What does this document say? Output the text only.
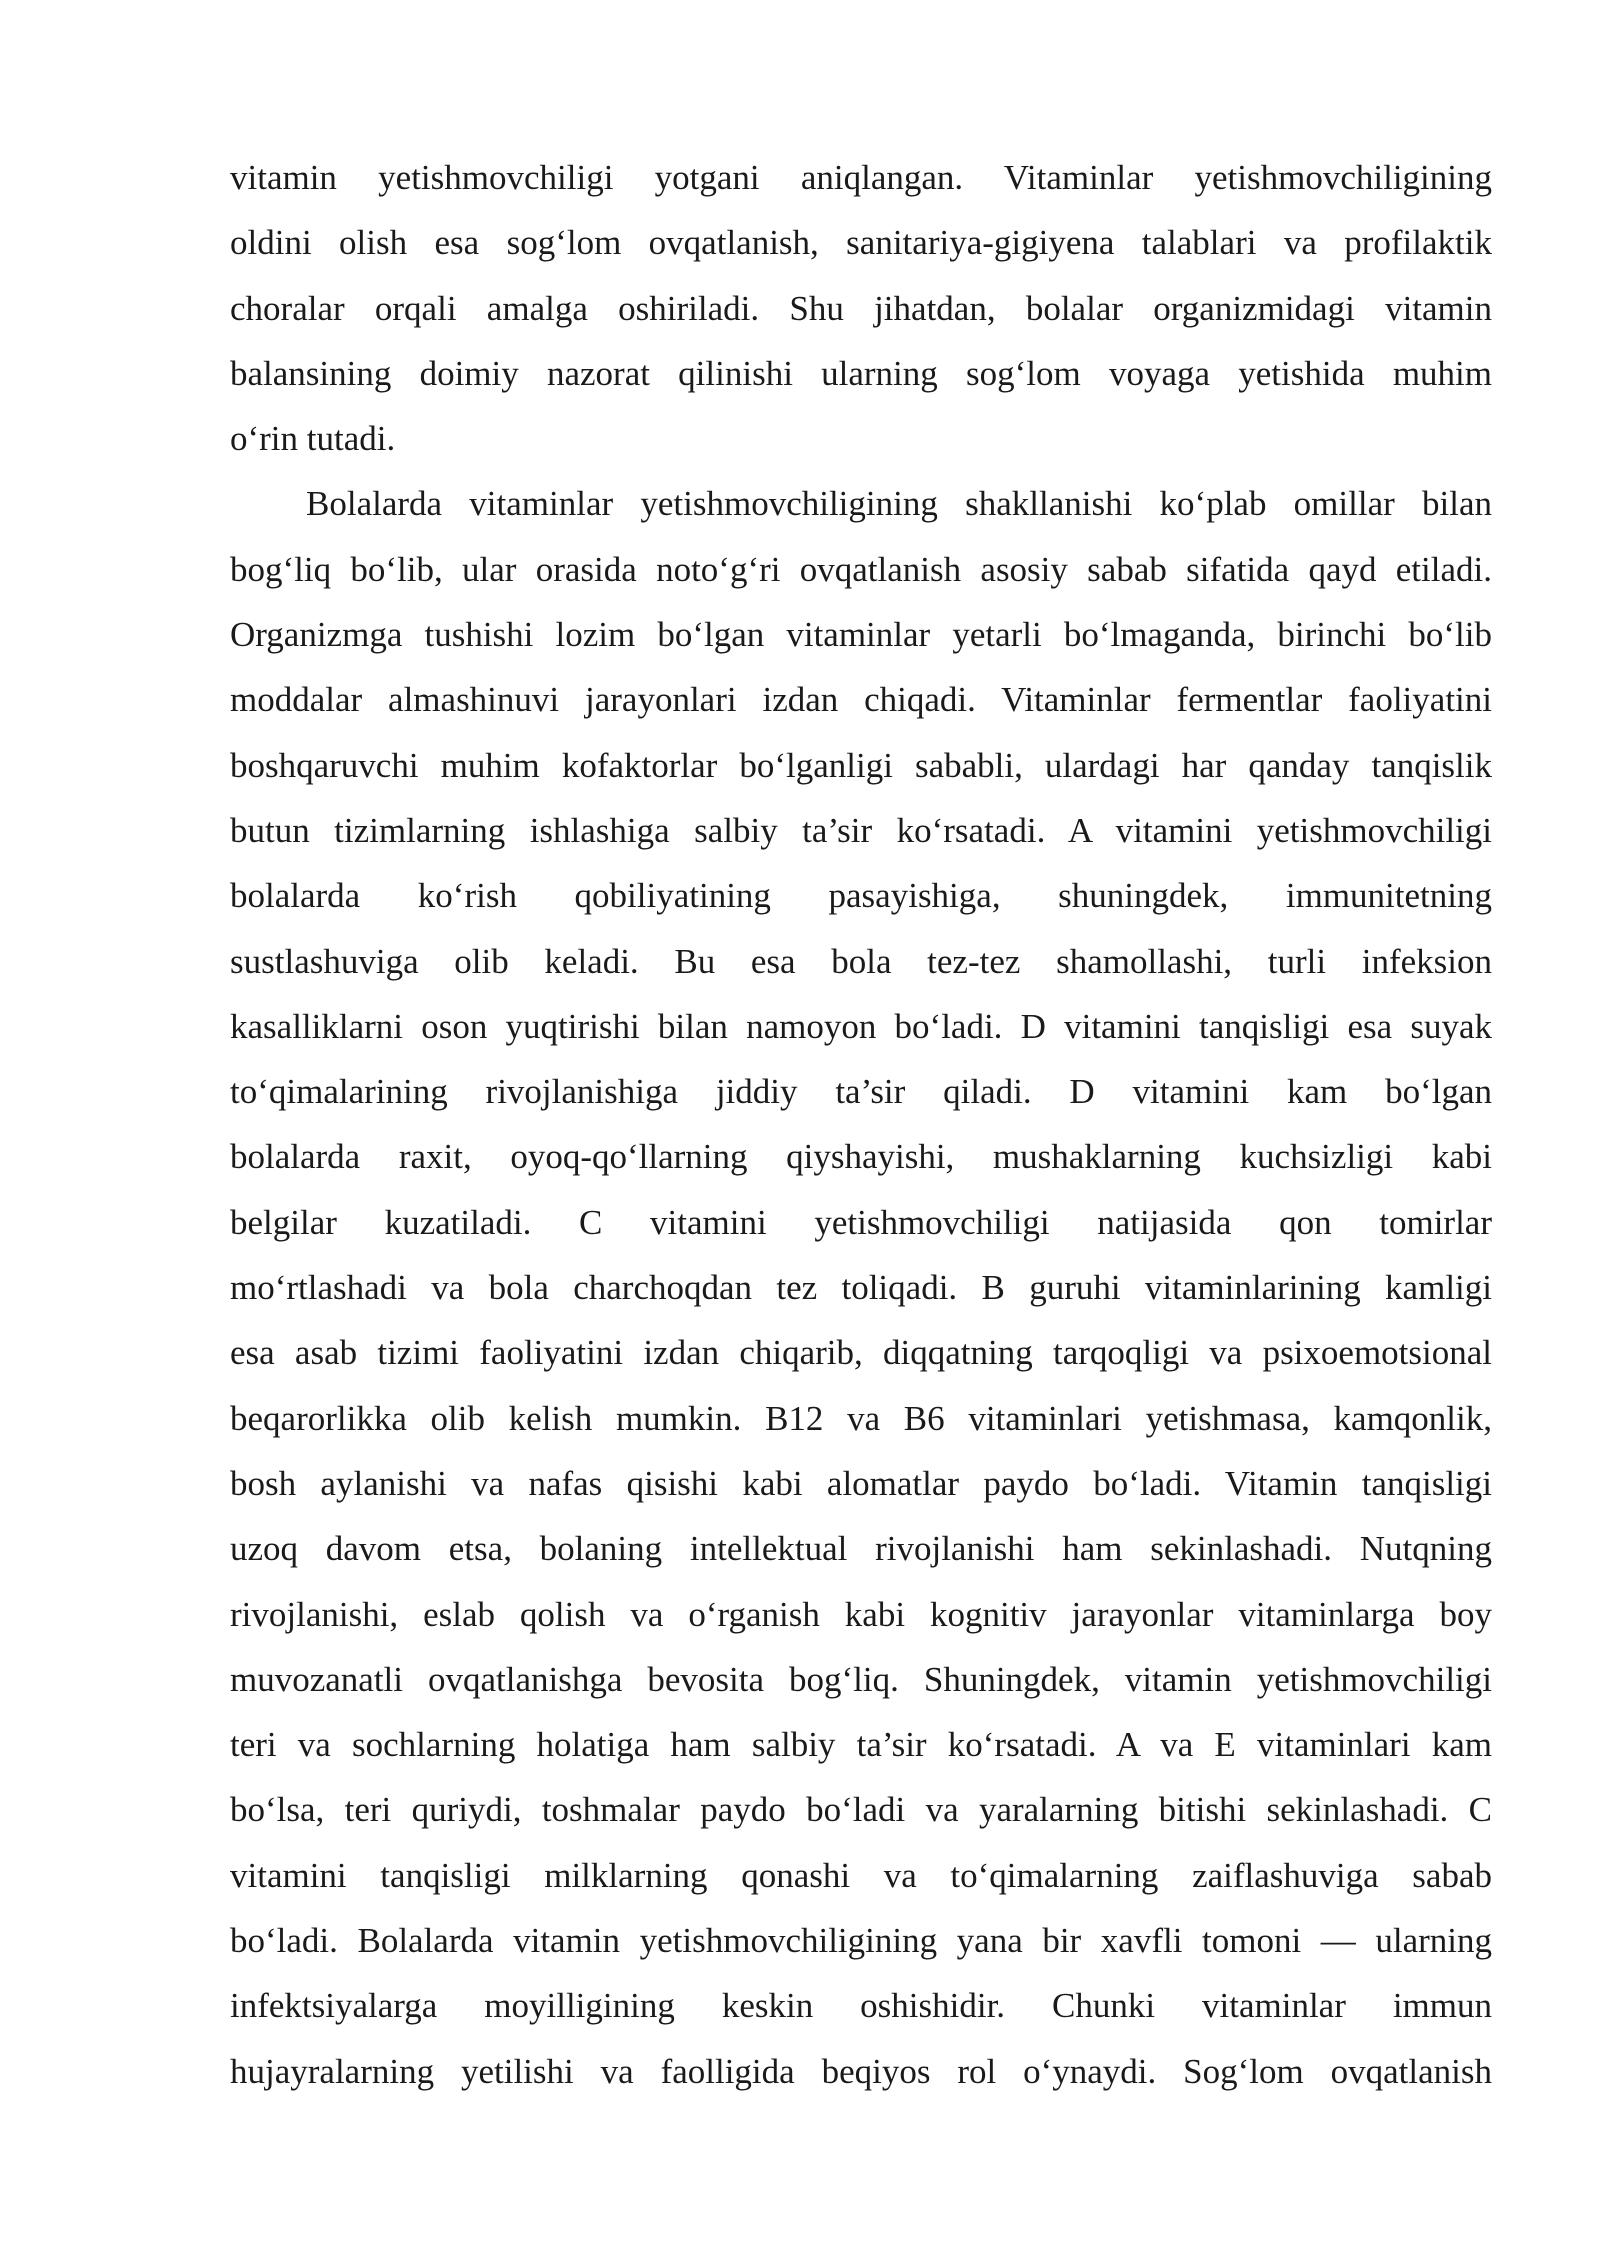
vitamin yetishmovchiligi yotgani aniqlangan. Vitaminlar yetishmovchiligining
oldini olish esa sog‘lom ovqatlanish, sanitariya-gigiyena talablari va profilaktik
choralar orqali amalga oshiriladi. Shu jihatdan, bolalar organizmidagi vitamin
balansining doimiy nazorat qilinishi ularning sog‘lom voyaga yetishida muhim
o‘rin tutadi.
Bolalarda vitaminlar yetishmovchiligining shakllanishi ko‘plab omillar bilan
bog‘liq bo‘lib, ular orasida noto‘g‘ri ovqatlanish asosiy sabab sifatida qayd etiladi.
Organizmga tushishi lozim bo‘lgan vitaminlar yetarli bo‘lmaganda, birinchi bo‘lib
moddalar almashinuvi jarayonlari izdan chiqadi. Vitaminlar fermentlar faoliyatini
boshqaruvchi muhim kofaktorlar bo‘lganligi sababli, ulardagi har qanday tanqislik
butun tizimlarning ishlashiga salbiy ta’sir ko‘rsatadi. A vitamini yetishmovchiligi
bolalarda ko‘rish qobiliyatining pasayishiga, shuningdek, immunitetning
sustlashuviga olib keladi. Bu esa bola tez-tez shamollashi, turli infeksion
kasalliklarni oson yuqtirishi bilan namoyon bo‘ladi. D vitamini tanqisligi esa suyak
to‘qimalarining rivojlanishiga jiddiy ta’sir qiladi. D vitamini kam bo‘lgan
bolalarda raxit, oyoq-qo‘llarning qiyshayishi, mushaklarning kuchsizligi kabi
belgilar kuzatiladi. C vitamini yetishmovchiligi natijasida qon tomirlar
mo‘rtlashadi va bola charchoqdan tez toliqadi. B guruhi vitaminlarining kamligi
esa asab tizimi faoliyatini izdan chiqarib, diqqatning tarqoqligi va psixoemotsional
beqarorlikka olib kelish mumkin. B12 va B6 vitaminlari yetishmasa, kamqonlik,
bosh aylanishi va nafas qisishi kabi alomatlar paydo bo‘ladi. Vitamin tanqisligi
uzoq davom etsa, bolaning intellektual rivojlanishi ham sekinlashadi. Nutqning
rivojlanishi, eslab qolish va o‘rganish kabi kognitiv jarayonlar vitaminlarga boy
muvozanatli ovqatlanishga bevosita bog‘liq. Shuningdek, vitamin yetishmovchiligi
teri va sochlarning holatiga ham salbiy ta’sir ko‘rsatadi. A va E vitaminlari kam
bo‘lsa, teri quriydi, toshmalar paydo bo‘ladi va yaralarning bitishi sekinlashadi. C
vitamini tanqisligi milklarning qonashi va to‘qimalarning zaiflashuviga sabab
bo‘ladi. Bolalarda vitamin yetishmovchiligining yana bir xavfli tomoni — ularning
infektsiyalarga moyilligining keskin oshishidir. Chunki vitaminlar immun
hujayralarning yetilishi va faolligida beqiyos rol o‘ynaydi. Sog‘lom ovqatlanish
